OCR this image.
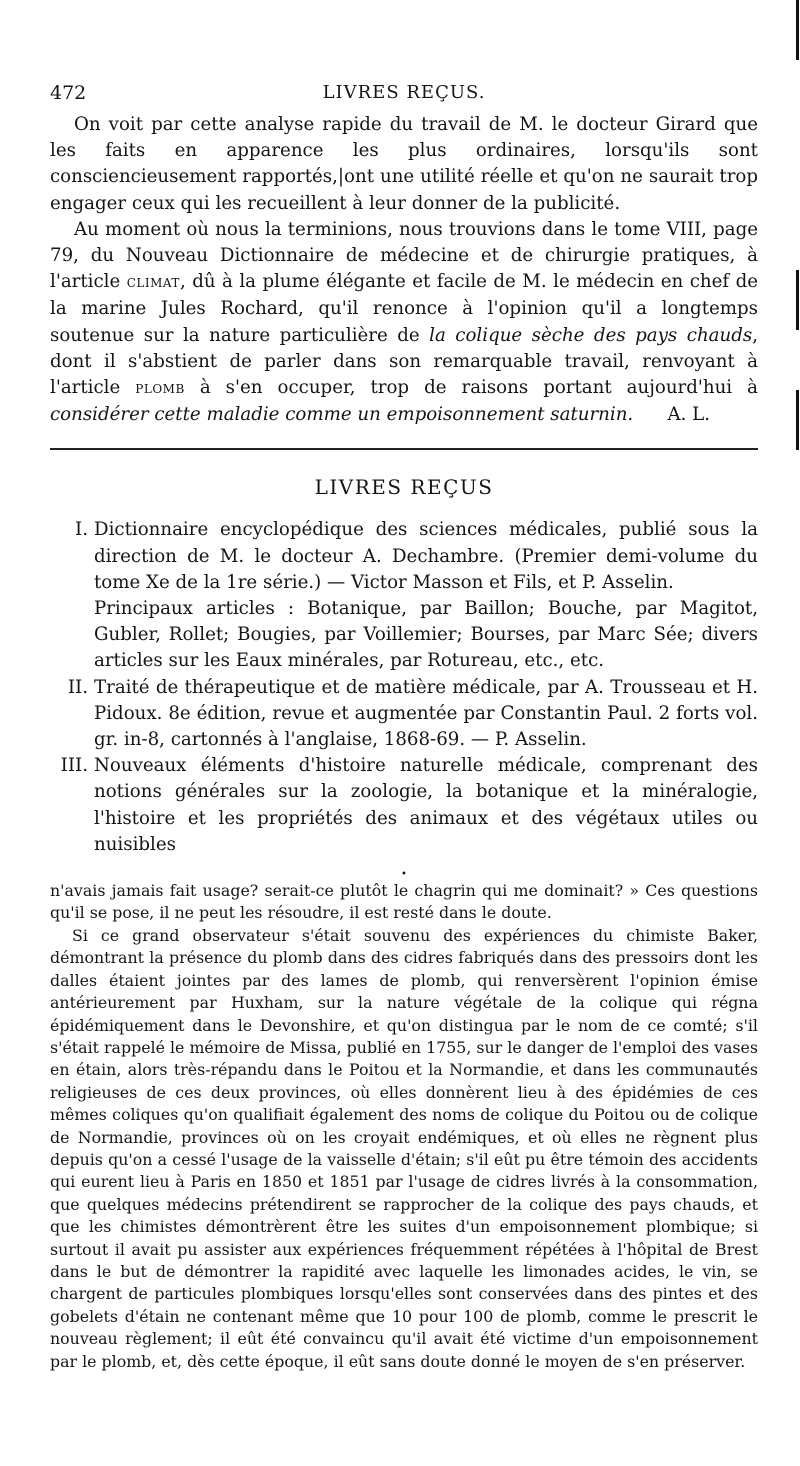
472	LIVRES REÇUS.

On voit par cette analyse rapide du travail de M. le docteur Girard que les faits en apparence les plus ordinaires, lorsqu'ils sont consciencieusement rapportés,|ont une utilité réelle et qu'on ne saurait trop engager ceux qui les recueillent à leur donner de la publicité.

Au moment où nous la terminions, nous trouvions dans le tome VIII, page 79, du Nouveau Dictionnaire de médecine et de chirurgie pratiques, à l'article CLIMAT, dû à la plume élégante et facile de M. le médecin en chef de la marine Jules Rochard, qu'il renonce à l'opinion qu'il a longtemps soutenue sur la nature particulière de la colique sèche des pays chauds, dont il s'abstient de parler dans son remarquable travail, renvoyant à l'article PLOMB à s'en occuper, trop de raisons portant aujourd'hui à considérer cette maladie comme un empoisonnement saturnin.	A. L.

LIVRES REÇUS
I. Dictionnaire encyclopédique des sciences médicales, publié sous la direction de M. le docteur A. Dechambre. (Premier demi-volume du tome Xe de la 1re série.) — Victor Masson et Fils, et P. Asselin.

Principaux articles : Botanique, par Baillon; Bouche, par Magitot, Gubler, Rollet; Bougies, par Voillemier; Bourses, par Marc Sée; divers articles sur les Eaux minérales, par Rotureau, etc., etc.

II. Traité de thérapeutique et de matière médicale, par A. Trousseau et H. Pidoux. 8e édition, revue et augmentée par Constantin Paul. 2 forts vol. gr. in-8, cartonnés à l'anglaise, 1868-69. — P. Asselin.

III. Nouveaux éléments d'histoire naturelle médicale, comprenant des notions générales sur la zoologie, la botanique et la minéralogie, l'histoire et les propriétés des animaux et des végétaux utiles ou nuisibles

•

n'avais jamais fait usage? serait-ce plutôt le chagrin qui me dominait? » Ces questions qu'il se pose, il ne peut les résoudre, il est resté dans le doute.

Si ce grand observateur s'était souvenu des expériences du chimiste Baker, démontrant la présence du plomb dans des cidres fabriqués dans des pressoirs dont les dalles étaient jointes par des lames de plomb, qui renversèrent l'opinion émise antérieurement par Huxham, sur la nature végétale de la colique qui régna épidémiquement dans le Devonshire, et qu'on distingua par le nom de ce comté; s'il s'était rappelé le mémoire de Missa, publié en 1755, sur le danger de l'emploi des vases en étain, alors très-répandu dans le Poitou et la Normandie, et dans les communautés religieuses de ces deux provinces, où elles donnèrent lieu à des épidémies de ces mêmes coliques qu'on qualifiait également des noms de colique du Poitou ou de colique de Normandie, provinces où on les croyait endémiques, et où elles ne règnent plus depuis qu'on a cessé l'usage de la vaisselle d'étain; s'il eût pu être témoin des accidents qui eurent lieu à Paris en 1850 et 1851 par l'usage de cidres livrés à la consommation, que quelques médecins prétendirent se rapprocher de la colique des pays chauds, et que les chimistes démontrèrent être les suites d'un empoisonnement plombique; si surtout il avait pu assister aux expériences fréquemment répétées à l'hôpital de Brest dans le but de démontrer la rapidité avec laquelle les limonades acides, le vin, se chargent de particules plombiques lorsqu'elles sont conservées dans des pintes et des gobelets d'étain ne contenant même que 10 pour 100 de plomb, comme le prescrit le nouveau règlement; il eût été convaincu qu'il avait été victime d'un empoisonnement par le plomb, et, dès cette époque, il eût sans doute donné le moyen de s'en préserver.
